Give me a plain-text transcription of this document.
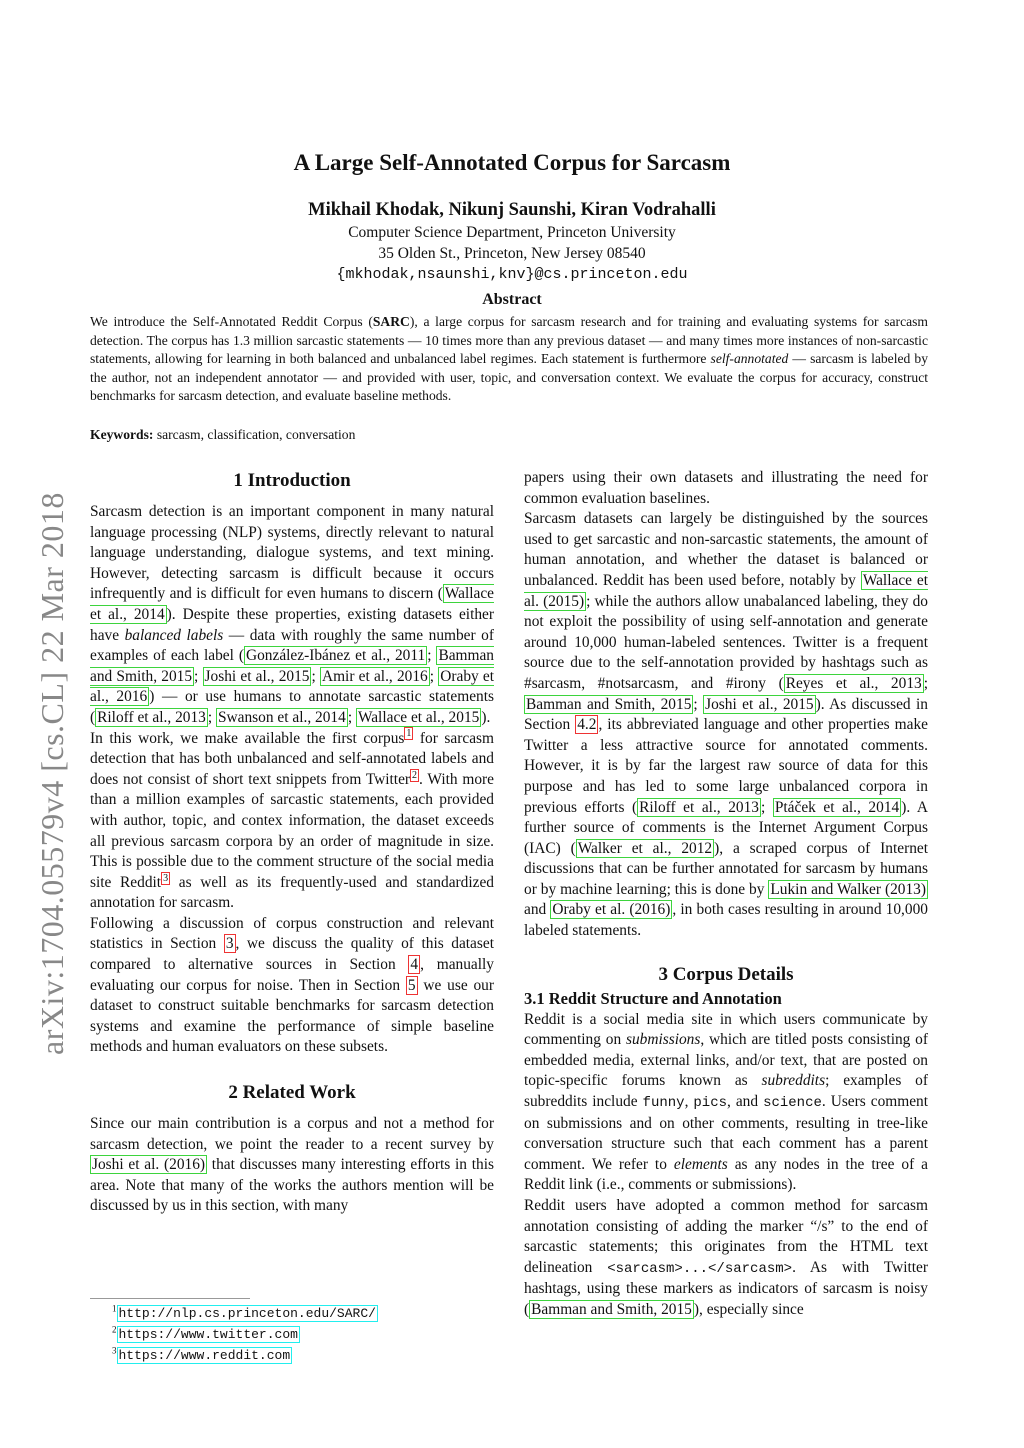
arXiv:1704.05579v4 [cs.CL] 22 Mar 2018
A Large Self-Annotated Corpus for Sarcasm
Mikhail Khodak, Nikunj Saunshi, Kiran Vodrahalli
Computer Science Department, Princeton University
35 Olden St., Princeton, New Jersey 08540
{mkhodak,nsaunshi,knv}@cs.princeton.edu
Abstract
We introduce the Self-Annotated Reddit Corpus (SARC), a large corpus for sarcasm research and for training and evaluating systems for sarcasm detection. The corpus has 1.3 million sarcastic statements — 10 times more than any previous dataset — and many times more instances of non-sarcastic statements, allowing for learning in both balanced and unbalanced label regimes. Each statement is furthermore self-annotated — sarcasm is labeled by the author, not an independent annotator — and provided with user, topic, and conversation context. We evaluate the corpus for accuracy, construct benchmarks for sarcasm detection, and evaluate baseline methods.
Keywords: sarcasm, classification, conversation
1 Introduction

Sarcasm detection is an important component in many natural language processing (NLP) systems, directly relevant to natural language understanding, dialogue systems, and text mining. However, detecting sarcasm is difficult because it occurs infrequently and is difficult for even humans to discern ( Wallace et al., 2014 ). Despite these properties, existing datasets either have balanced labels — data with roughly the same number of examples of each label ( González-Ibánez et al., 2011 ; Bamman and Smith, 2015 ; Joshi et al., 2015 ; Amir et al., 2016 ; Oraby et al., 2016 ) — or use humans to annotate sarcastic statements ( Riloff et al., 2013 ; Swanson et al., 2014 ; Wallace et al., 2015 ).

In this work, we make available the first corpus $^1$ for sarcasm detection that has both unbalanced and self-annotated labels and does not consist of short text snippets from Twitter $^2$ . With more than a million examples of sarcastic statements, each provided with author, topic, and contex information, the dataset exceeds all previous sarcasm corpora by an order of magnitude in size. This is possible due to the comment structure of the social media site Reddit $^3$ as well as its frequently-used and standardized annotation for sarcasm.

Following a discussion of corpus construction and relevant statistics in Section 3 , we discuss the quality of this dataset compared to alternative sources in Section 4 , manually evaluating our corpus for noise. Then in Section 5 we use our dataset to construct suitable benchmarks for sarcasm detection systems and examine the performance of simple baseline methods and human evaluators on these subsets.

2 Related Work

Since our main contribution is a corpus and not a method for sarcasm detection, we point the reader to a recent survey by Joshi et al. (2016) that discusses many interesting efforts in this area. Note that many of the works the authors mention will be discussed by us in this section, with many

papers using their own datasets and illustrating the need for common evaluation baselines.

Sarcasm datasets can largely be distinguished by the sources used to get sarcastic and non-sarcastic statements, the amount of human annotation, and whether the dataset is balanced or unbalanced. Reddit has been used before, notably by Wallace et al. (2015) ; while the authors allow unabalanced labeling, they do not exploit the possibility of using self-annotation and generate around 10,000 human-labeled sentences. Twitter is a frequent source due to the self-annotation provided by hashtags such as #sarcasm, #notsarcasm, and #irony ( Reyes et al., 2013 ; Bamman and Smith, 2015 ; Joshi et al., 2015 ). As discussed in Section 4.2 , its abbreviated language and other properties make Twitter a less attractive source for annotated comments. However, it is by far the largest raw source of data for this purpose and has led to some large unbalanced corpora in previous efforts ( Riloff et al., 2013 ; Ptáček et al., 2014 ). A further source of comments is the Internet Argument Corpus (IAC) ( Walker et al., 2012 ), a scraped corpus of Internet discussions that can be further annotated for sarcasm by humans or by machine learning; this is done by Lukin and Walker (2013) and Oraby et al. (2016) , in both cases resulting in around 10,000 labeled statements.

3 Corpus Details
3.1 Reddit Structure and Annotation

Reddit is a social media site in which users communicate by commenting on submissions, which are titled posts consisting of embedded media, external links, and/or text, that are posted on topic-specific forums known as subreddits; examples of subreddits include funny, pics, and science. Users comment on submissions and on other comments, resulting in tree-like conversation structure such that each comment has a parent comment. We refer to elements as any nodes in the tree of a Reddit link (i.e., comments or submissions).

Reddit users have adopted a common method for sarcasm annotation consisting of adding the marker “/s” to the end of sarcastic statements; this originates from the HTML text delineation <sarcasm>...</sarcasm>. As with Twitter hashtags, using these markers as indicators of sarcasm is noisy ( Bamman and Smith, 2015 ), especially since

$^1$ http://nlp.cs.princeton.edu/SARC/
$^2$ https://www.twitter.com
$^3$ https://www.reddit.com
